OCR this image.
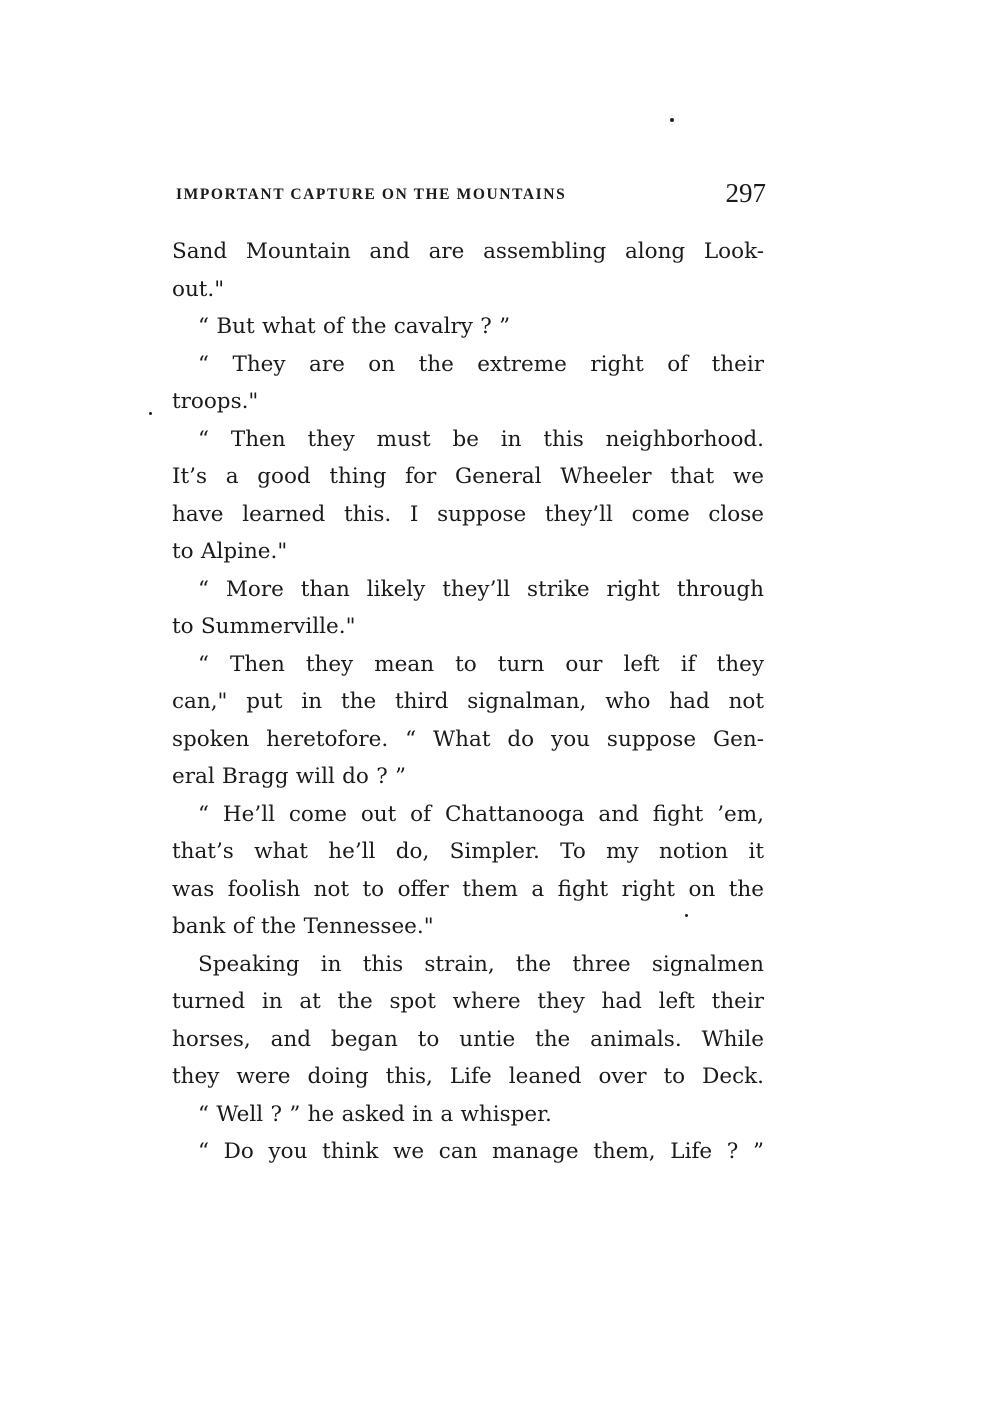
IMPORTANT CAPTURE ON THE MOUNTAINS	297
Sand Mountain and are assembling along Look-
out."
“ But what of the cavalry ? ”
“ They are on the extreme right of their
troops."
“ Then they must be in this neighborhood.
It’s a good thing for General Wheeler that we
have learned this. I suppose they’ll come close
to Alpine."
“ More than likely they’ll strike right through
to Summerville."
“ Then they mean to turn our left if they
can," put in the third signalman, who had not
spoken heretofore. “ What do you suppose Gen-
eral Bragg will do ? ”
“ He’ll come out of Chattanooga and fight ’em,
that’s what he’ll do, Simpler. To my notion it
was foolish not to offer them a fight right on the
bank of the Tennessee."
Speaking in this strain, the three signalmen
turned in at the spot where they had left their
horses, and began to untie the animals. While
they were doing this, Life leaned over to Deck.
“ Well ? ” he asked in a whisper.
“ Do you think we can manage them, Life ? ”
